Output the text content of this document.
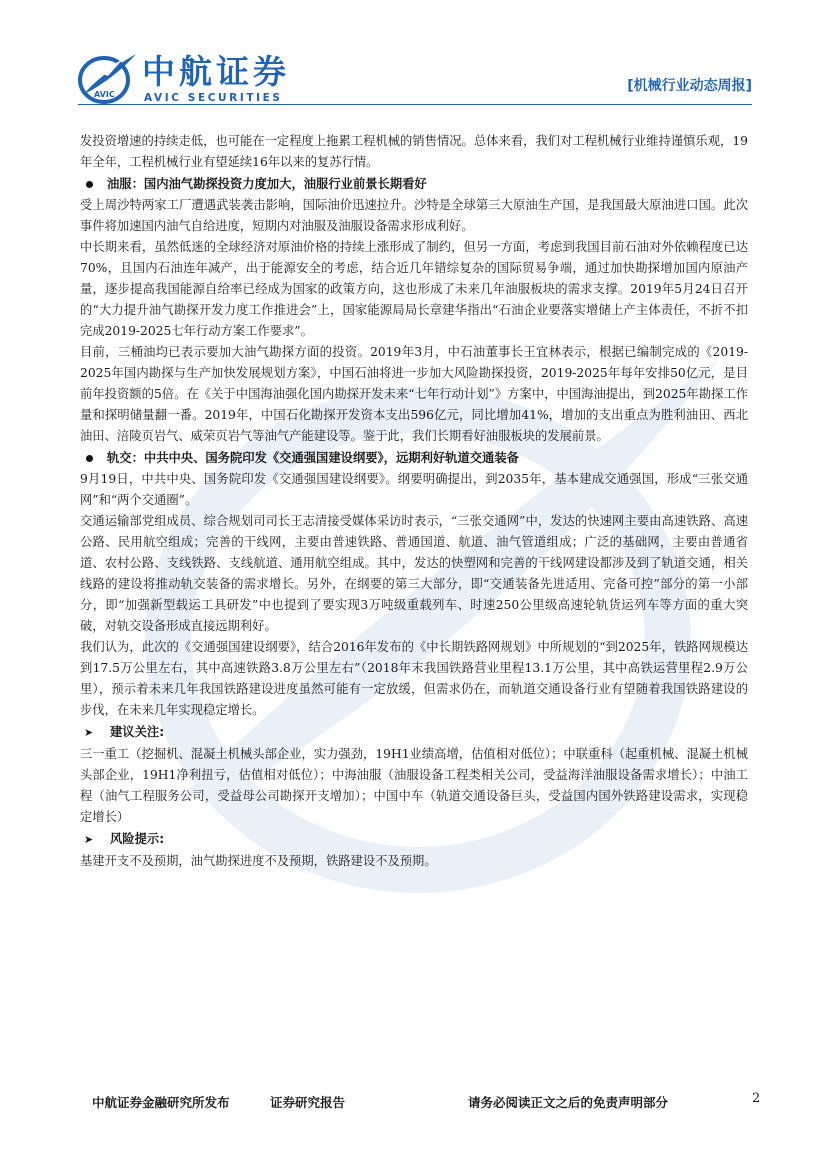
AVIC
中航证券
AVIC SECURITIES
[机械行业动态周报]

发投资增速的持续走低，也可能在一定程度上拖累工程机械的销售情况。总体来看，我们对工程机械行业维持谨慎乐观，19年全年，工程机械行业有望延续16年以来的复苏行情。

油服：国内油气勘探投资力度加大，油服行业前景长期看好

受上周沙特两家工厂遭遇武装袭击影响，国际油价迅速拉升。沙特是全球第三大原油生产国，是我国最大原油进口国。此次事件将加速国内油气自给进度，短期内对油服及油服设备需求形成利好。

中长期来看，虽然低迷的全球经济对原油价格的持续上涨形成了制约，但另一方面，考虑到我国目前石油对外依赖程度已达70%，且国内石油连年减产，出于能源安全的考虑，结合近几年错综复杂的国际贸易争端，通过加快勘探增加国内原油产量，逐步提高我国能源自给率已经成为国家的政策方向，这也形成了未来几年油服板块的需求支撑。2019年5月24日召开的“大力提升油气勘探开发力度工作推进会”上，国家能源局局长章建华指出“石油企业要落实增储上产主体责任，不折不扣完成2019-2025七年行动方案工作要求”。

目前，三桶油均已表示要加大油气勘探方面的投资。2019年3月，中石油董事长王宜林表示，根据已编制完成的《2019-2025年国内勘探与生产加快发展规划方案》，中国石油将进一步加大风险勘探投资，2019-2025年每年安排50亿元，是目前年投资额的5倍。在《关于中国海油强化国内勘探开发未来“七年行动计划”》方案中，中国海油提出，到2025年勘探工作量和探明储量翻一番。2019年，中国石化勘探开发资本支出596亿元，同比增加41%，增加的支出重点为胜利油田、西北油田、涪陵页岩气、威荣页岩气等油气产能建设等。鉴于此，我们长期看好油服板块的发展前景。

轨交：中共中央、国务院印发《交通强国建设纲要》，远期利好轨道交通装备

9月19日，中共中央、国务院印发《交通强国建设纲要》。纲要明确提出，到2035年，基本建成交通强国，形成“三张交通网”和“两个交通圈”。

交通运输部党组成员、综合规划司司长王志清接受媒体采访时表示，“三张交通网”中，发达的快速网主要由高速铁路、高速公路、民用航空组成；完善的干线网，主要由普速铁路、普通国道、航道、油气管道组成；广泛的基础网，主要由普通省道、农村公路、支线铁路、支线航道、通用航空组成。其中，发达的快塑网和完善的干线网建设都涉及到了轨道交通，相关线路的建设将推动轨交装备的需求增长。另外，在纲要的第三大部分，即“交通装备先进适用、完备可控”部分的第一小部分，即“加强新型载运工具研发”中也提到了要实现3万吨级重载列车、时速250公里级高速轮轨货运列车等方面的重大突破，对轨交设备形成直接远期利好。

我们认为，此次的《交通强国建设纲要》，结合2016年发布的《中长期铁路网规划》中所规划的“到2025年，铁路网规模达到17.5万公里左右，其中高速铁路3.8万公里左右”（2018年末我国铁路营业里程13.1万公里，其中高铁运营里程2.9万公里），预示着未来几年我国铁路建设进度虽然可能有一定放缓，但需求仍在，而轨道交通设备行业有望随着我国铁路建设的步伐，在未来几年实现稳定增长。

➤ 建议关注:

三一重工（挖掘机、混凝土机械头部企业，实力强劲，19H1业绩高增，估值相对低位）；中联重科（起重机械、混凝土机械头部企业，19H1净利扭亏，估值相对低位）；中海油服（油服设备工程类相关公司，受益海洋油服设备需求增长）；中油工程（油气工程服务公司，受益母公司勘探开支增加）；中国中车（轨道交通设备巨头，受益国内国外铁路建设需求，实现稳定增长）

➤ 风险提示:

基建开支不及预期，油气勘探进度不及预期，铁路建设不及预期。

中航证券金融研究所发布	证券研究报告	请务必阅读正文之后的免责声明部分	2
